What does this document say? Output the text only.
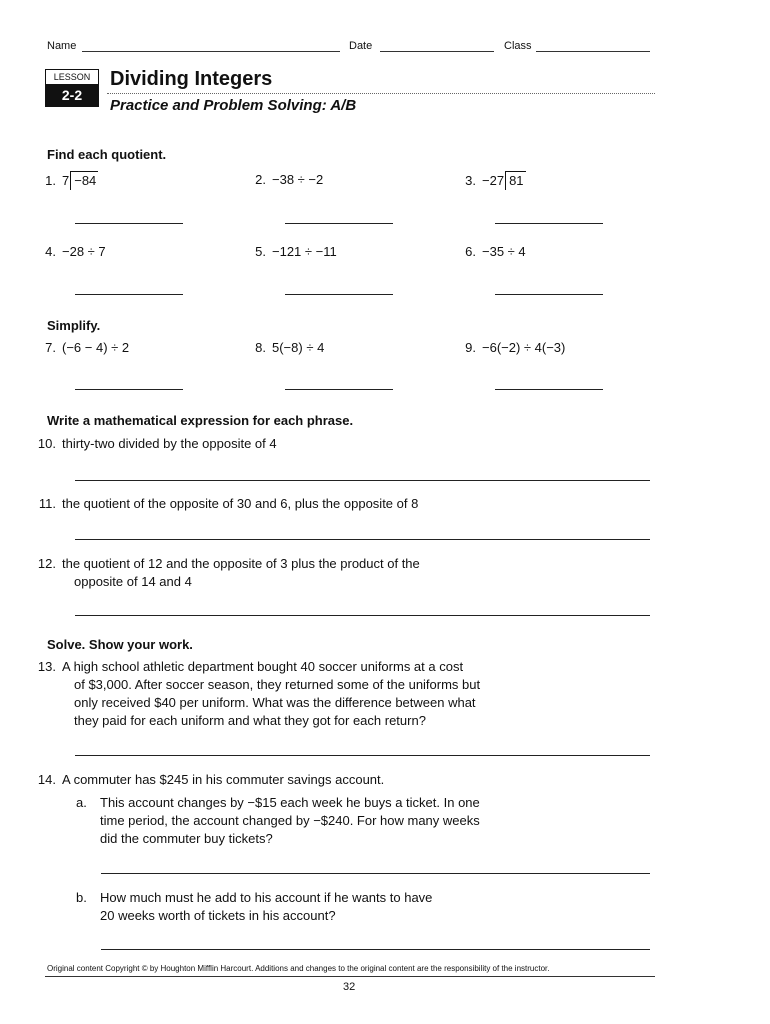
Name	Date	Class
LESSON
2-2
Dividing Integers
Practice and Problem Solving: A/B
Find each quotient.
1. 7 −84	2. −38 ÷ −2	3. −27 81
4. −28 ÷ 7	5. −121 ÷ −11	6. −35 ÷ 4
Simplify.
7. (−6 − 4) ÷ 2	8. 5(−8) ÷ 4	9. −6(−2) ÷ 4(−3)
Write a mathematical expression for each phrase.
10. thirty-two divided by the opposite of 4
11. the quotient of the opposite of 30 and 6, plus the opposite of 8
12. the quotient of 12 and the opposite of 3 plus the product of the
opposite of 14 and 4
Solve. Show your work.
13. A high school athletic department bought 40 soccer uniforms at a cost
of $3,000. After soccer season, they returned some of the uniforms but
only received $40 per uniform. What was the difference between what
they paid for each uniform and what they got for each return?
14. A commuter has $245 in his commuter savings account.
a. This account changes by −$15 each week he buys a ticket. In one
time period, the account changed by −$240. For how many weeks
did the commuter buy tickets?
b. How much must he add to his account if he wants to have
20 weeks worth of tickets in his account?
Original content Copyright © by Houghton Mifflin Harcourt. Additions and changes to the original content are the responsibility of the instructor.
32
